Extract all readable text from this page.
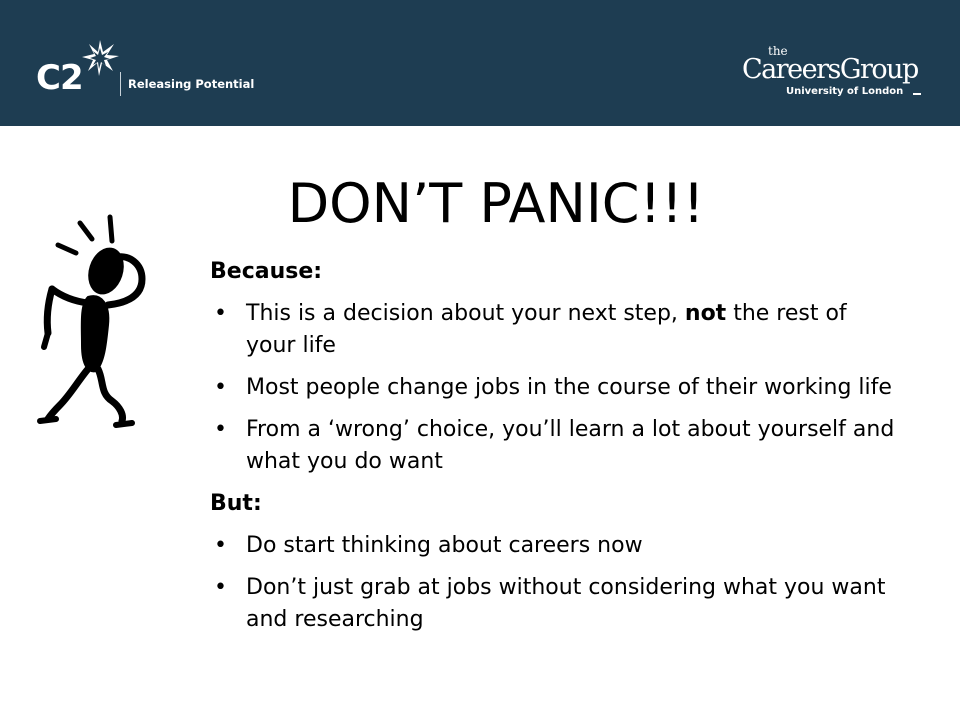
C2	Releasing Potential
the
CareersGroup
University of London
DON’T PANIC!!!
Because:
• This is a decision about your next step, not the rest of your life
• Most people change jobs in the course of their working life
• From a ‘wrong’ choice, you’ll learn a lot about yourself and what you do want
But:
• Do start thinking about careers now
• Don’t just grab at jobs without considering what you want and researching
